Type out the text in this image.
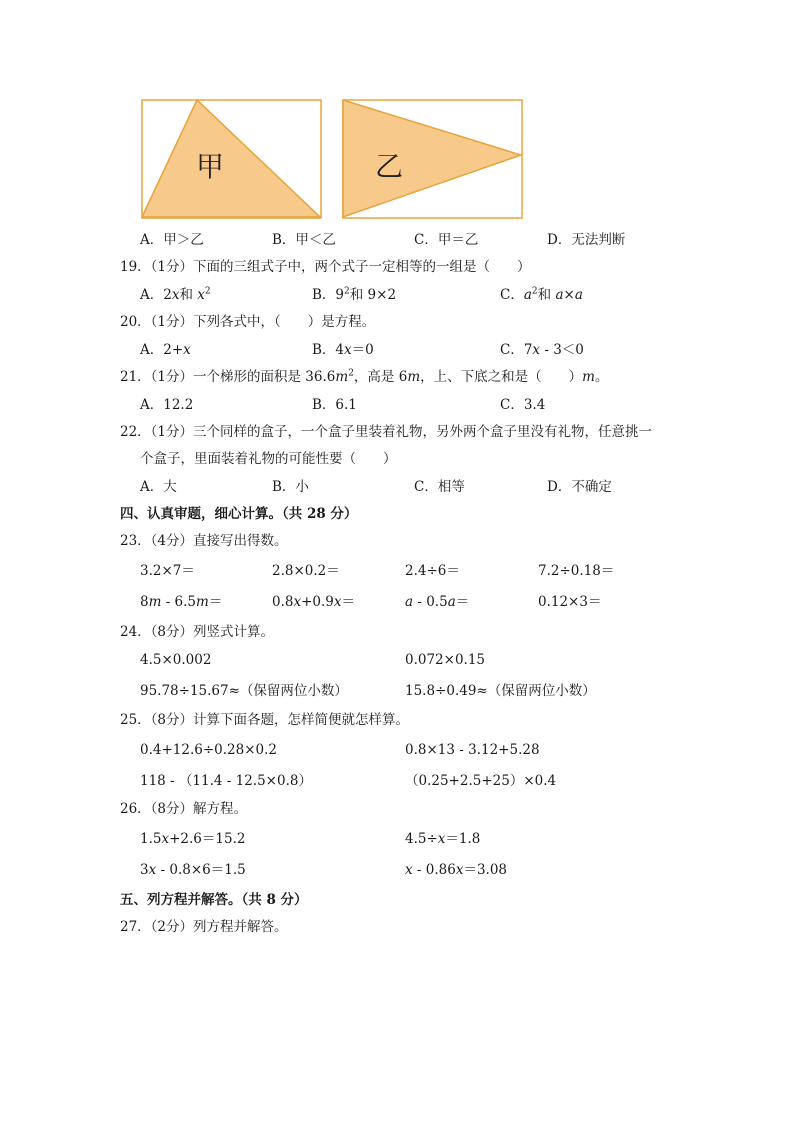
甲	乙
A．甲＞乙	B．甲＜乙	C．甲＝乙	D．无法判断
19．（1分）下面的三组式子中，两个式子一定相等的一组是（　　）
A．2x和 $x^2$	B．$9^2$和 9×2	C．$a^2$和 a×a
20．（1分）下列各式中，（　　）是方程。
A．2+x	B．4x＝0	C．7x - 3＜0
21．（1分）一个梯形的面积是 $36.6m^2$，高是 6m，上、下底之和是（　　）m。
A．12.2	B．6.1	C．3.4
22．（1分）三个同样的盒子，一个盒子里装着礼物，另外两个盒子里没有礼物，任意挑一
个盒子，里面装着礼物的可能性要（　　）
A．大	B．小	C．相等	D．不确定
四、认真审题，细心计算。（共 28 分）
23．（4分）直接写出得数。
3.2×7＝	2.8×0.2＝	2.4÷6＝	7.2÷0.18＝
8m - 6.5m＝	0.8x+0.9x＝	a - 0.5a＝	0.12×3＝
24．（8分）列竖式计算。
4.5×0.002	0.072×0.15
95.78÷15.67≈（保留两位小数）	15.8÷0.49≈（保留两位小数）
25．（8分）计算下面各题，怎样简便就怎样算。
0.4+12.6÷0.28×0.2	0.8×13 - 3.12+5.28
118 - （11.4 - 12.5×0.8）	（0.25+2.5+25）×0.4
26．（8分）解方程。
1.5x+2.6＝15.2	4.5÷x＝1.8
3x - 0.8×6＝1.5	x - 0.86x＝3.08
五、列方程并解答。（共 8 分）
27．（2分）列方程并解答。
